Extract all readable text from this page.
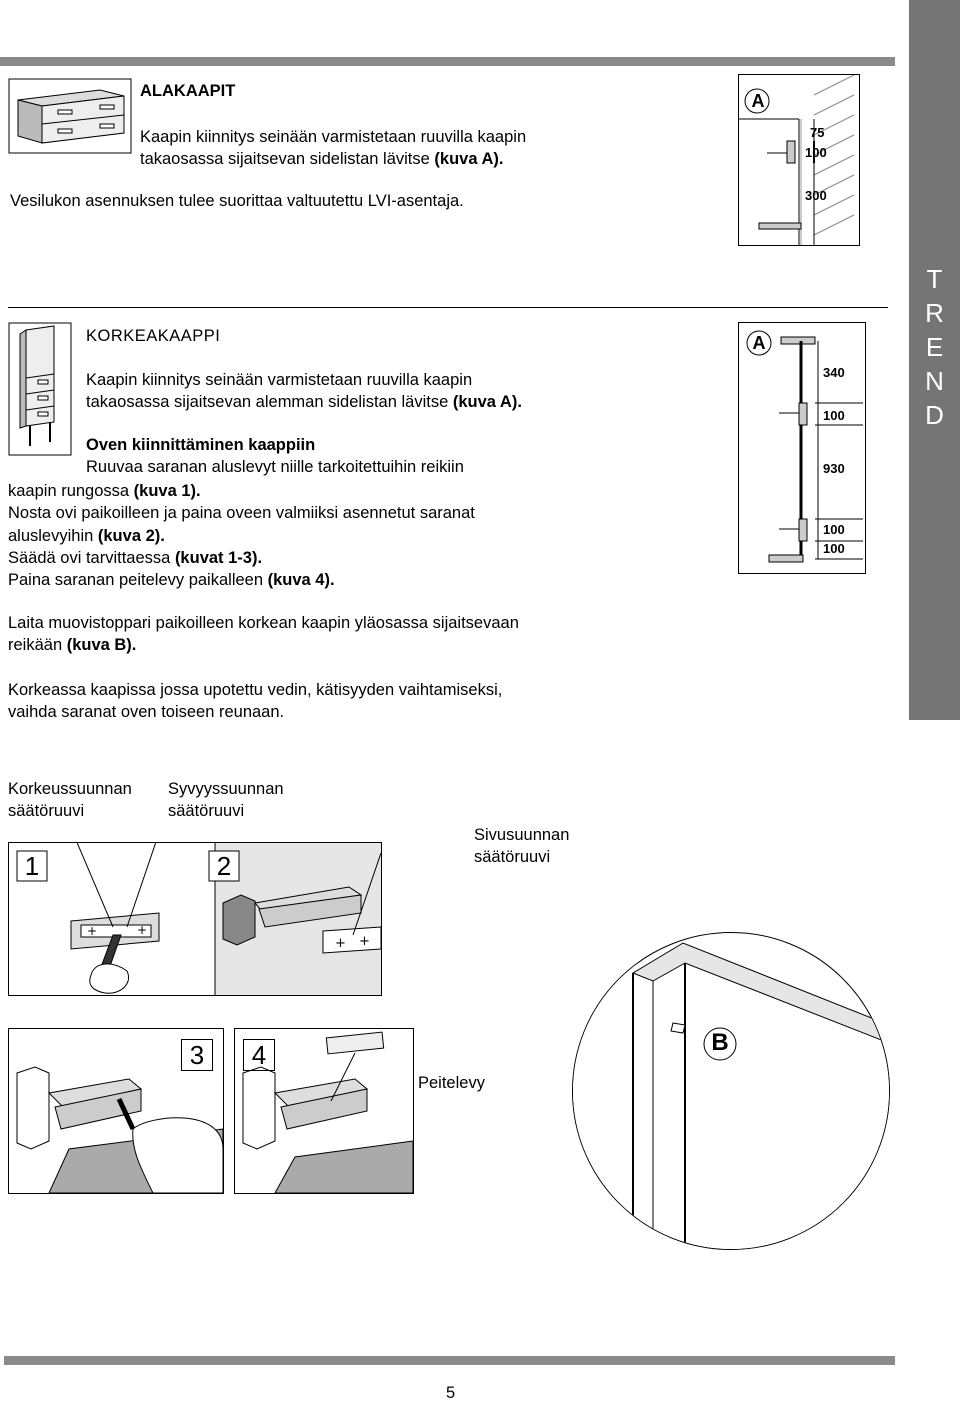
T
R
E
N
D
ALAKAAPIT
Kaapin kiinnitys seinään varmistetaan ruuvilla kaapin
takaosassa sijaitsevan sidelistan lävitse (kuva A).
Vesilukon asennuksen tulee suorittaa valtuutettu LVI-asentaja.
A
75
100
300
KORKEAKAAPPI
Kaapin kiinnitys seinään varmistetaan ruuvilla kaapin
takaosassa sijaitsevan alemman sidelistan lävitse (kuva A).
Oven kiinnittäminen kaappiin
Ruuvaa saranan aluslevyt niille tarkoitettuihin reikiin
kaapin rungossa (kuva 1).
Nosta ovi paikoilleen ja paina oveen valmiiksi asennetut saranat
aluslevyihin (kuva 2).
Säädä ovi tarvittaessa (kuvat 1-3).
Paina saranan peitelevy paikalleen (kuva 4).
A
340
100
930
100
100
Laita muovistoppari paikoilleen korkean kaapin yläosassa sijaitsevaan
reikään (kuva B).
Korkeassa kaapissa jossa upotettu vedin, kätisyyden vaihtamiseksi,
vaihda saranat oven toiseen reunaan.
Korkeussuunnan
säätöruuvi
Syvyyssuunnan
säätöruuvi
Sivusuunnan
säätöruuvi
+	+
+ +
1	2
B
3	4
Peitelevy
5
